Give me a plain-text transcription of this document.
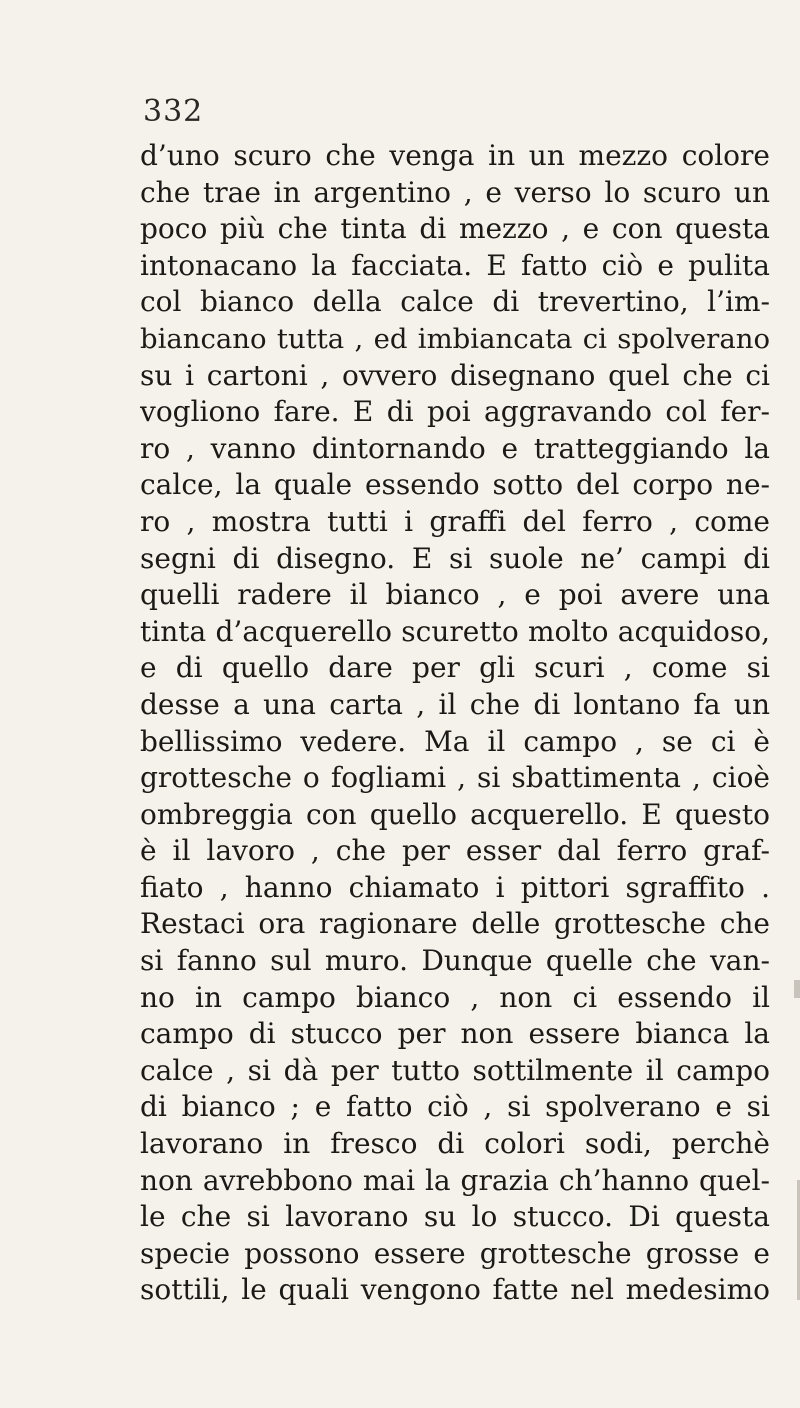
332
d’uno scuro che venga in un mezzo colore
che trae in argentino , e verso lo scuro un
poco più che tinta di mezzo , e con questa
intonacano la facciata. E fatto ciò e pulita
col bianco della calce di trevertino, l’im-
biancano tutta , ed imbiancata ci spolverano
su i cartoni , ovvero disegnano quel che ci
vogliono fare. E di poi aggravando col fer-
ro , vanno dintornando e tratteggiando la
calce, la quale essendo sotto del corpo ne-
ro , mostra tutti i graffi del ferro , come
segni di disegno. E si suole ne’ campi di
quelli radere il bianco , e poi avere una
tinta d’acquerello scuretto molto acquidoso,
e di quello dare per gli scuri , come si
desse a una carta , il che di lontano fa un
bellissimo vedere. Ma il campo , se ci è
grottesche o fogliami , si sbattimenta , cioè
ombreggia con quello acquerello. E questo
è il lavoro , che per esser dal ferro graf-
fiato , hanno chiamato i pittori sgraffito .
Restaci ora ragionare delle grottesche che
si fanno sul muro. Dunque quelle che van-
no in campo bianco , non ci essendo il
campo di stucco per non essere bianca la
calce , si dà per tutto sottilmente il campo
di bianco ; e fatto ciò , si spolverano e si
lavorano in fresco di colori sodi, perchè
non avrebbono mai la grazia ch’hanno quel-
le che si lavorano su lo stucco. Di questa
specie possono essere grottesche grosse e
sottili, le quali vengono fatte nel medesimo
